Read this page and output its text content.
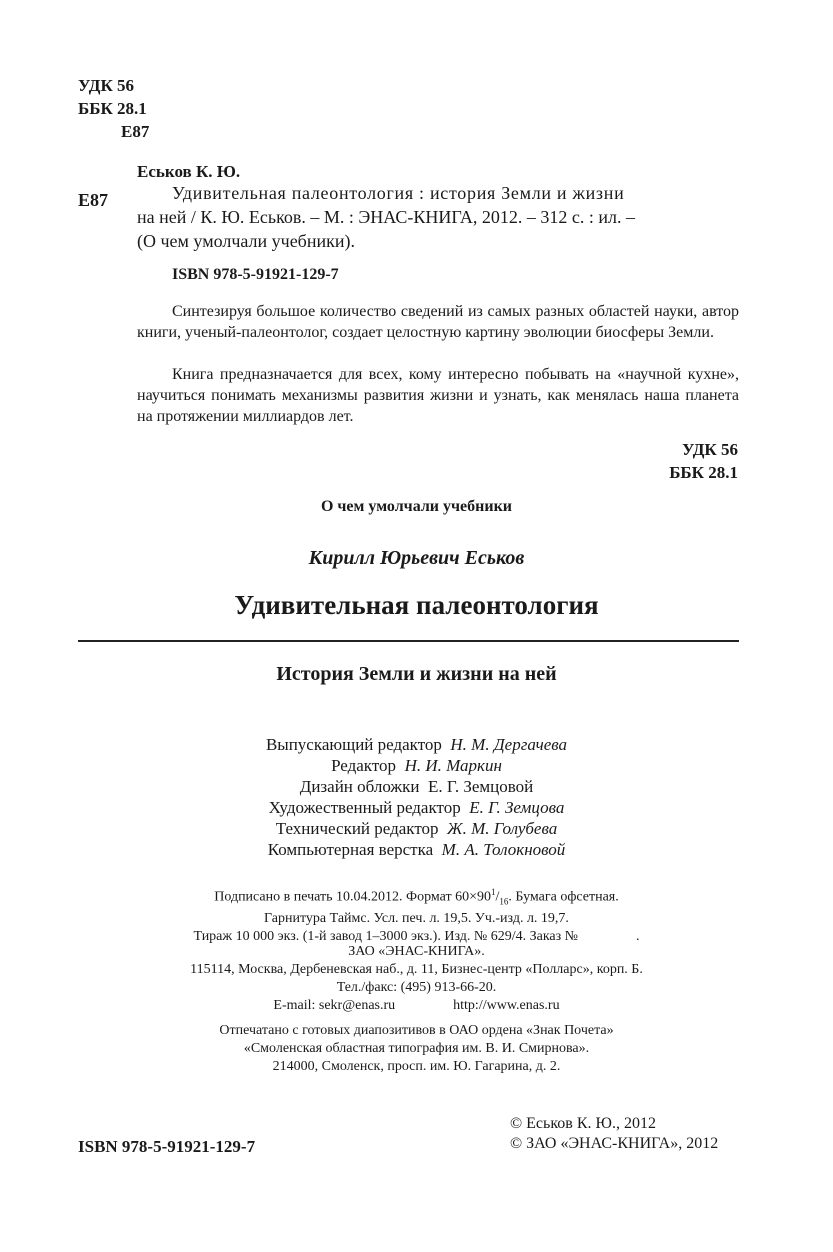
УДК 56
ББК 28.1
Е87
Еськов К. Ю.
Е87	Удивительная палеонтология : история Земли и жизни
на ней / К. Ю. Еськов. – М. : ЭНАС-КНИГА, 2012. – 312 с. : ил. –
(О чем умолчали учебники).
ISBN 978-5-91921-129-7
Синтезируя большое количество сведений из самых разных областей науки, автор книги, ученый-палеонтолог, создает целостную картину эволюции биосферы Земли.
Книга предназначается для всех, кому интересно побывать на «научной кухне», научиться понимать механизмы развития жизни и узнать, как менялась наша планета на протяжении миллиардов лет.
УДК 56
ББК 28.1
О чем умолчали учебники
Кирилл Юрьевич Еськов
Удивительная палеонтология
История Земли и жизни на ней
Выпускающий редактор Н. М. Дергачева
Редактор Н. И. Маркин
Дизайн обложки Е. Г. Земцовой
Художественный редактор Е. Г. Земцова
Технический редактор Ж. М. Голубева
Компьютерная верстка М. А. Толокновой
Подписано в печать 10.04.2012. Формат $60\times 90^1/_{16}$. Бумага офсетная.
Гарнитура Таймс. Усл. печ. л. 19,5. Уч.-изд. л. 19,7.
Тираж 10 000 экз. (1-й завод 1–3000 экз.). Изд. № 629/4. Заказ №	.
ЗАО «ЭНАС-КНИГА».
115114, Москва, Дербеневская наб., д. 11, Бизнес-центр «Полларс», корп. Б.
Тел./факс: (495) 913-66-20.
E-mail: sekr@enas.ru	http://www.enas.ru
Отпечатано с готовых диапозитивов в ОАО ордена «Знак Почета»
«Смоленская областная типография им. В. И. Смирнова».
214000, Смоленск, просп. им. Ю. Гагарина, д. 2.
ISBN 978-5-91921-129-7
© Еськов К. Ю., 2012
© ЗАО «ЭНАС-КНИГА», 2012
